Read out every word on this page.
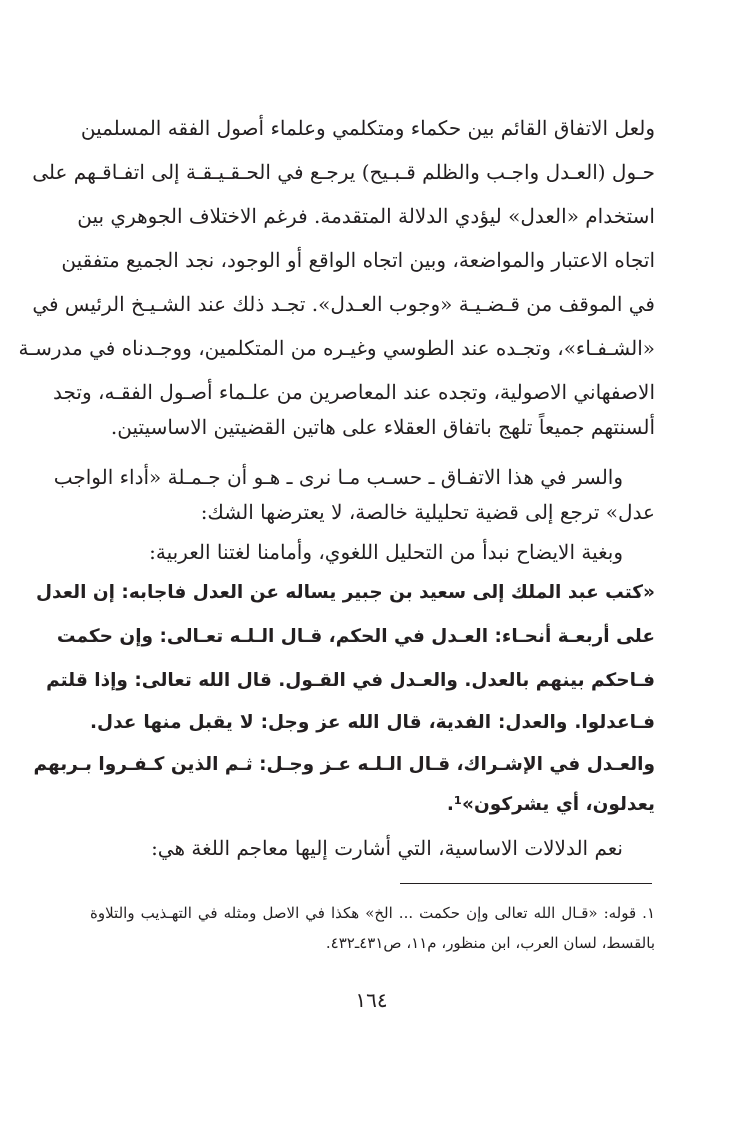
ولعل الاتفاق القائم بين حكماء ومتكلمي وعلماء أصول الفقه المسلمين
حـول (العـدل واجـب والظلم قـبـيح) يرجـع في الحـقـيـقـة إلى اتفـاقـهم على
استخدام «العدل» ليؤدي الدلالة المتقدمة. فرغم الاختلاف الجوهري بين
اتجاه الاعتبار والمواضعة، وبين اتجاه الواقع أو الوجود، نجد الجميع متفقين
في الموقف من قـضـيـة «وجوب العـدل». تجـد ذلك عند الشـيـخ الرئيس في
«الشـفـاء»، وتجـده عند الطوسي وغيـره من المتكلمين، ووجـدناه في مدرسـة
الاصفهاني الاصولية، وتجده عند المعاصرين من علـماء أصـول الفقـه، وتجد
ألسنتهم جميعاً تلهج باتفاق العقلاء على هاتين القضيتين الاساسيتين.
والسر في هذا الاتفـاق ـ حسـب مـا نرى ـ هـو أن جـمـلة «أداء الواجب
عدل» ترجع إلى قضية تحليلية خالصة، لا يعترضها الشك:
وبغية الايضاح نبدأ من التحليل اللغوي، وأمامنا لغتنا العربية:
«كتب عبد الملك إلى سعيد بن جبير يساله عن العدل فاجابه: إن العدل
على أربعـة أنحـاء: العـدل في الحكم، قـال الـلـه تعـالى: وإن حكمت
فـاحكم بينهم بالعدل. والعـدل في القـول. قال الله تعالى: وإذا قلتم
فـاعدلوا. والعدل: الفدية، قال الله عز وجل: لا يقبل منها عدل.
والعـدل في الإشـراك، قـال الـلـه عـز وجـل: ثـم الذين كـفـروا بـربهم
يعدلون، أي يشركون»¹.
نعم الدلالات الاساسية، التي أشارت إليها معاجم اللغة هي:
١. قوله: «قـال الله تعالى وإن حكمت ... الخ» هكذا في الاصل ومثله في التهـذيب والتلاوة
بالقسط، لسان العرب، ابن منظور، م١١، ص٤٣١ـ٤٣٢.
١٦٤
